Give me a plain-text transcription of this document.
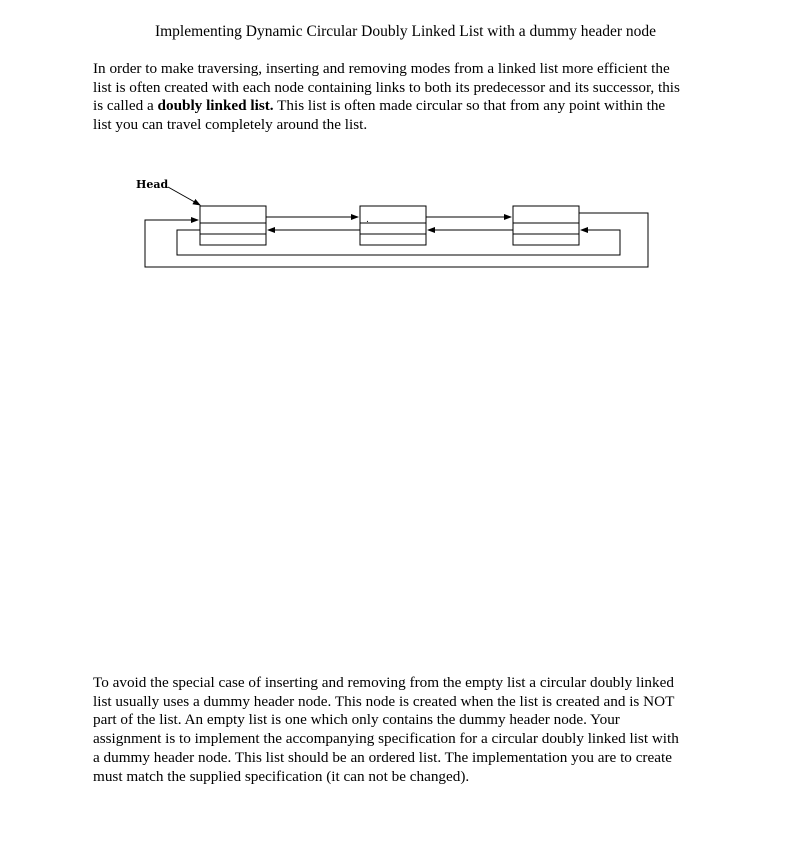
Implementing Dynamic Circular Doubly Linked List with a dummy header node

In order to make traversing, inserting and removing modes from a linked list more efficient the
list is often created with each node containing links to both its predecessor and its successor, this
is called a doubly linked list. This list is often made circular so that from any point within the
list you can travel completely around the list.

Head
.

To avoid the special case of inserting and removing from the empty list a circular doubly linked
list usually uses a dummy header node. This node is created when the list is created and is NOT
part of the list. An empty list is one which only contains the dummy header node. Your
assignment is to implement the accompanying specification for a circular doubly linked list with
a dummy header node. This list should be an ordered list. The implementation you are to create
must match the supplied specification (it can not be changed).
